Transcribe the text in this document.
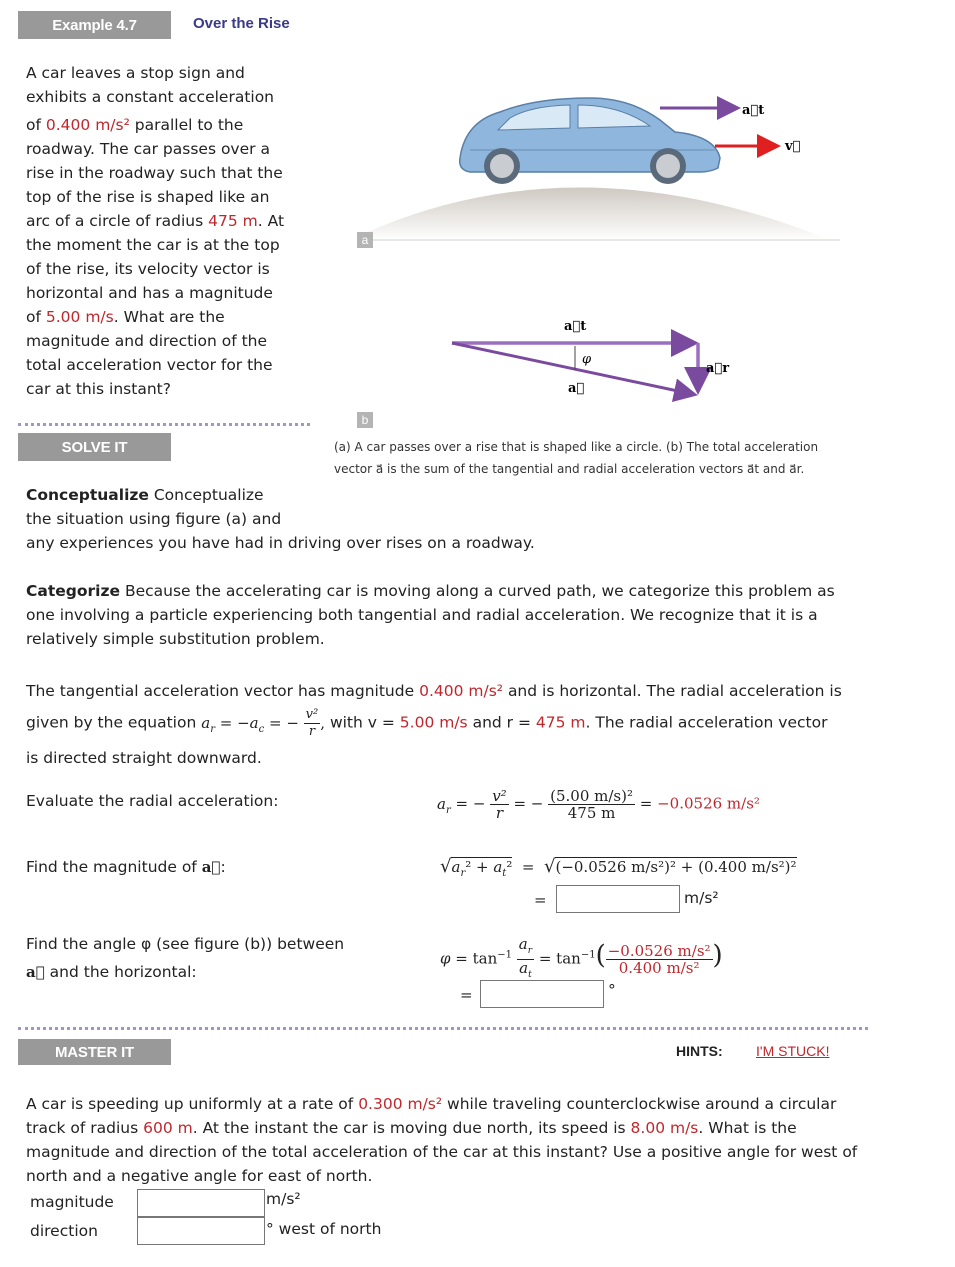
Example 4.7	Over the Rise
A car leaves a stop sign and
exhibits a constant acceleration
of 0.400 m/s² parallel to the
roadway. The car passes over a
rise in the roadway such that the
top of the rise is shaped like an
arc of a circle of radius 475 m. At
the moment the car is at the top
of the rise, its velocity vector is
horizontal and has a magnitude
of 5.00 m/s. What are the
magnitude and direction of the
total acceleration vector for the
car at this instant?
a⃗t
v⃗
a
a⃗t
φ
a⃗
a⃗r
b
SOLVE IT	(a) A car passes over a rise that is shaped like a circle. (b) The total acceleration
vector a⃗ is the sum of the tangential and radial acceleration vectors a⃗t and a⃗r.
Conceptualize Conceptualize
the situation using figure (a) and
any experiences you have had in driving over rises on a roadway.
Categorize Because the accelerating car is moving along a curved path, we categorize this problem as
one involving a particle experiencing both tangential and radial acceleration. We recognize that it is a
relatively simple substitution problem.
The tangential acceleration vector has magnitude 0.400 m/s² and is horizontal. The radial acceleration is
given by the equation $a_r = -a_c$ = − $\frac{\text{v²}}{r}$ , with v = 5.00 m/s and r = 475 m. The radial acceleration vector
is directed straight downward.
Evaluate the radial acceleration:	$a_r$ = − $\frac{\text{v²}}{r}$ = − $\frac{\text{(5.00 m/s)²}}{475 m} = -0.0526$ m/s²
Find the magnitude of a⃗:	$√a_r^2 + a_t^2 = √(-0.0526$ m/s²)² + (0.400 m/s²)²
=	m/s²
Find the angle φ (see figure (b)) between
a⃗ and the horizontal:
$\varphi = \tan^{-1} \frac{a_r}{a_t} = \tan^{-1}( \frac{\text{−0.0526 m/s²}}{\text{0.400 m/s²}}$ )
=	°
MASTER IT	HINTS: I'M STUCK!
A car is speeding up uniformly at a rate of 0.300 m/s² while traveling counterclockwise around a circular
track of radius 600 m. At the instant the car is moving due north, its speed is 8.00 m/s. What is the
magnitude and direction of the total acceleration of the car at this instant? Use a positive angle for west of
north and a negative angle for east of north.
magnitude	m/s²
direction	° west of north
